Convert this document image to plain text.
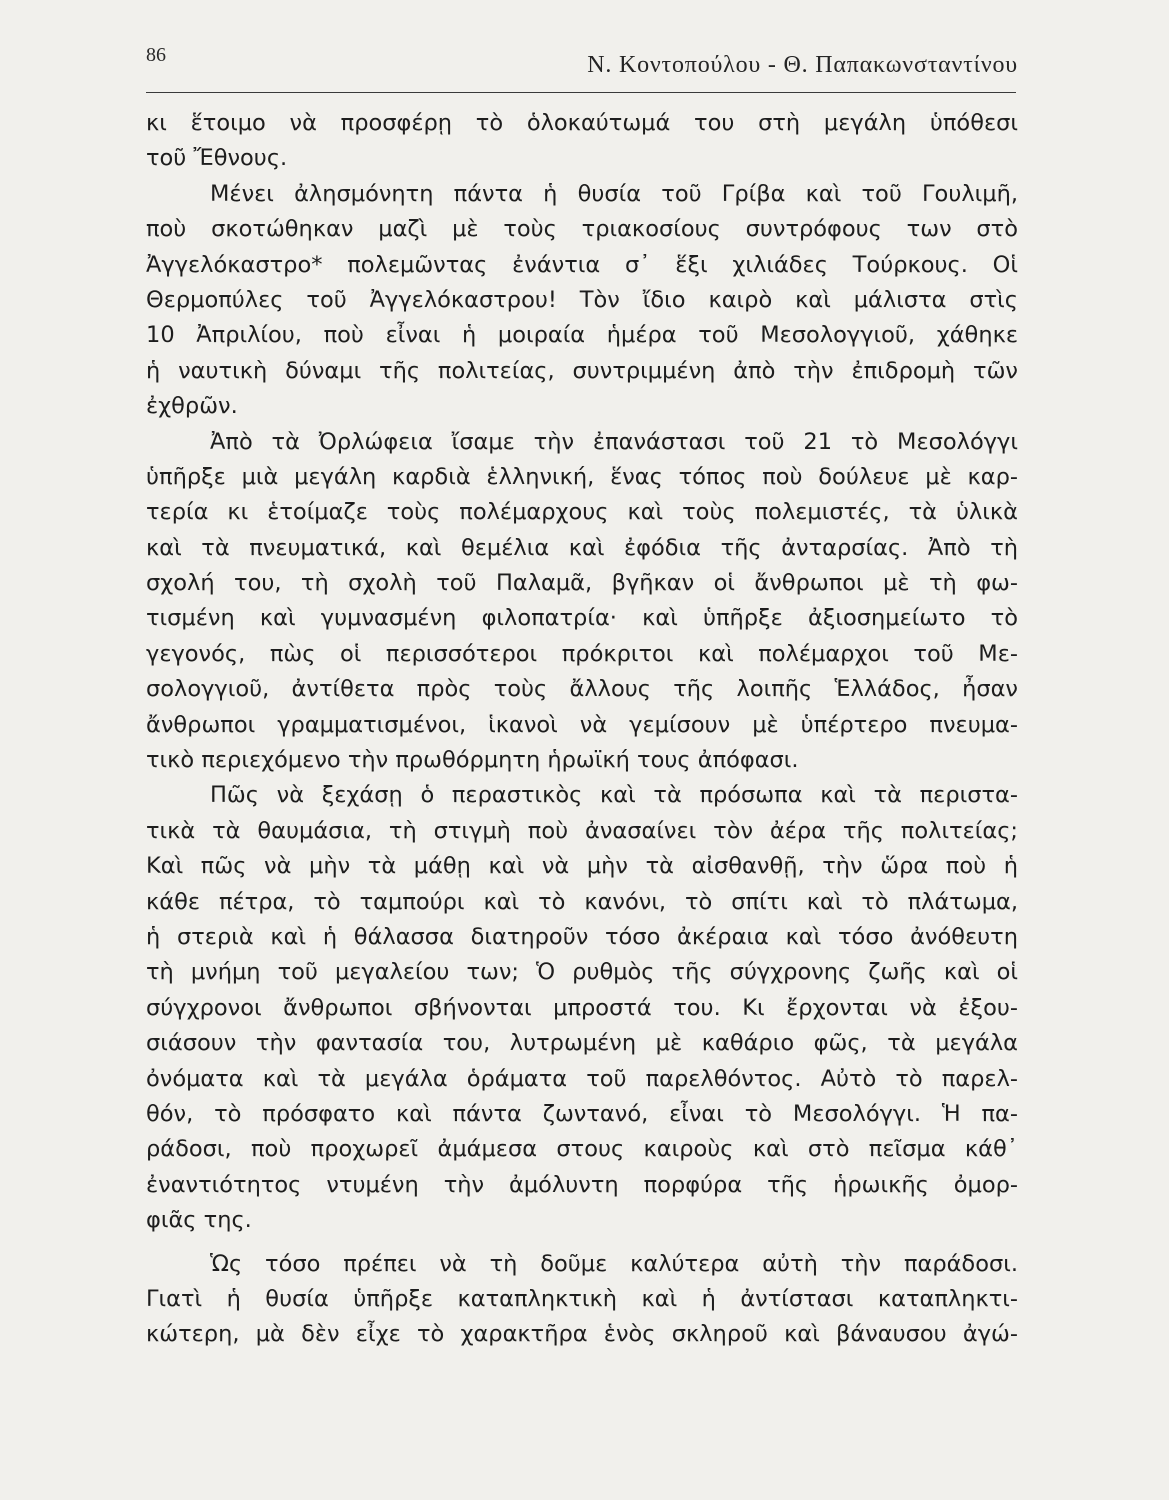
86	Ν. Κοντοπούλου - Θ. Παπακωνσταντίνου
κι ἕτοιμο νὰ προσφέρῃ τὸ ὁλοκαύτωμά του στὴ μεγάλη ὑπόθεσι
τοῦ Ἔθνους.
Μένει ἀλησμόνητη πάντα ἡ θυσία τοῦ Γρίβα καὶ τοῦ Γουλιμῆ,
ποὺ σκοτώθηκαν μαζὶ μὲ τοὺς τριακοσίους συντρόφους των στὸ
Ἀγγελόκαστρο* πολεμῶντας ἐνάντια σ᾿ ἕξι χιλιάδες Τούρκους. Οἱ
Θερμοπύλες τοῦ Ἀγγελόκαστρου! Τὸν ἴδιο καιρὸ καὶ μάλιστα στὶς
10 Ἀπριλίου, ποὺ εἶναι ἡ μοιραία ἡμέρα τοῦ Μεσολογγιοῦ, χάθηκε
ἡ ναυτικὴ δύναμι τῆς πολιτείας, συντριμμένη ἀπὸ τὴν ἐπιδρομὴ τῶν
ἐχθρῶν.
Ἀπὸ τὰ Ὀρλώφεια ἴσαμε τὴν ἐπανάστασι τοῦ 21 τὸ Μεσολόγγι
ὑπῆρξε μιὰ μεγάλη καρδιὰ ἑλληνική, ἕνας τόπος ποὺ δούλευε μὲ καρ-
τερία κι ἑτοίμαζε τοὺς πολέμαρχους καὶ τοὺς πολεμιστές, τὰ ὑλικὰ
καὶ τὰ πνευματικά, καὶ θεμέλια καὶ ἐφόδια τῆς ἀνταρσίας. Ἀπὸ τὴ
σχολή του, τὴ σχολὴ τοῦ Παλαμᾶ, βγῆκαν οἱ ἄνθρωποι μὲ τὴ φω-
τισμένη καὶ γυμνασμένη φιλοπατρία· καὶ ὑπῆρξε ἀξιοσημείωτο τὸ
γεγονός, πὼς οἱ περισσότεροι πρόκριτοι καὶ πολέμαρχοι τοῦ Με-
σολογγιοῦ, ἀντίθετα πρὸς τοὺς ἄλλους τῆς λοιπῆς Ἑλλάδος, ἦσαν
ἄνθρωποι γραμματισμένοι, ἱκανοὶ νὰ γεμίσουν μὲ ὑπέρτερο πνευμα-
τικὸ περιεχόμενο τὴν πρωθόρμητη ἡρωϊκή τους ἀπόφασι.
Πῶς νὰ ξεχάσῃ ὁ περαστικὸς καὶ τὰ πρόσωπα καὶ τὰ περιστα-
τικὰ τὰ θαυμάσια, τὴ στιγμὴ ποὺ ἀνασαίνει τὸν ἀέρα τῆς πολιτείας;
Καὶ πῶς νὰ μὴν τὰ μάθῃ καὶ νὰ μὴν τὰ αἰσθανθῇ, τὴν ὥρα ποὺ ἡ
κάθε πέτρα, τὸ ταμπούρι καὶ τὸ κανόνι, τὸ σπίτι καὶ τὸ πλάτωμα,
ἡ στεριὰ καὶ ἡ θάλασσα διατηροῦν τόσο ἀκέραια καὶ τόσο ἀνόθευτη
τὴ μνήμη τοῦ μεγαλείου των; Ὁ ρυθμὸς τῆς σύγχρονης ζωῆς καὶ οἱ
σύγχρονοι ἄνθρωποι σβήνονται μπροστά του. Κι ἔρχονται νὰ ἐξου-
σιάσουν τὴν φαντασία του, λυτρωμένη μὲ καθάριο φῶς, τὰ μεγάλα
ὀνόματα καὶ τὰ μεγάλα ὁράματα τοῦ παρελθόντος. Αὐτὸ τὸ παρελ-
θόν, τὸ πρόσφατο καὶ πάντα ζωντανό, εἶναι τὸ Μεσολόγγι. Ἡ πα-
ράδοσι, ποὺ προχωρεῖ ἀμάμεσα στους καιροὺς καὶ στὸ πεῖσμα κάθ᾿
ἐναντιότητος ντυμένη τὴν ἀμόλυντη πορφύρα τῆς ἡρωικῆς ὀμορ-
φιᾶς της.
Ὡς τόσο πρέπει νὰ τὴ δοῦμε καλύτερα αὐτὴ τὴν παράδοσι.
Γιατὶ ἡ θυσία ὑπῆρξε καταπληκτικὴ καὶ ἡ ἀντίστασι καταπληκτι-
κώτερη, μὰ δὲν εἶχε τὸ χαρακτῆρα ἑνὸς σκληροῦ καὶ βάναυσου ἀγώ-
